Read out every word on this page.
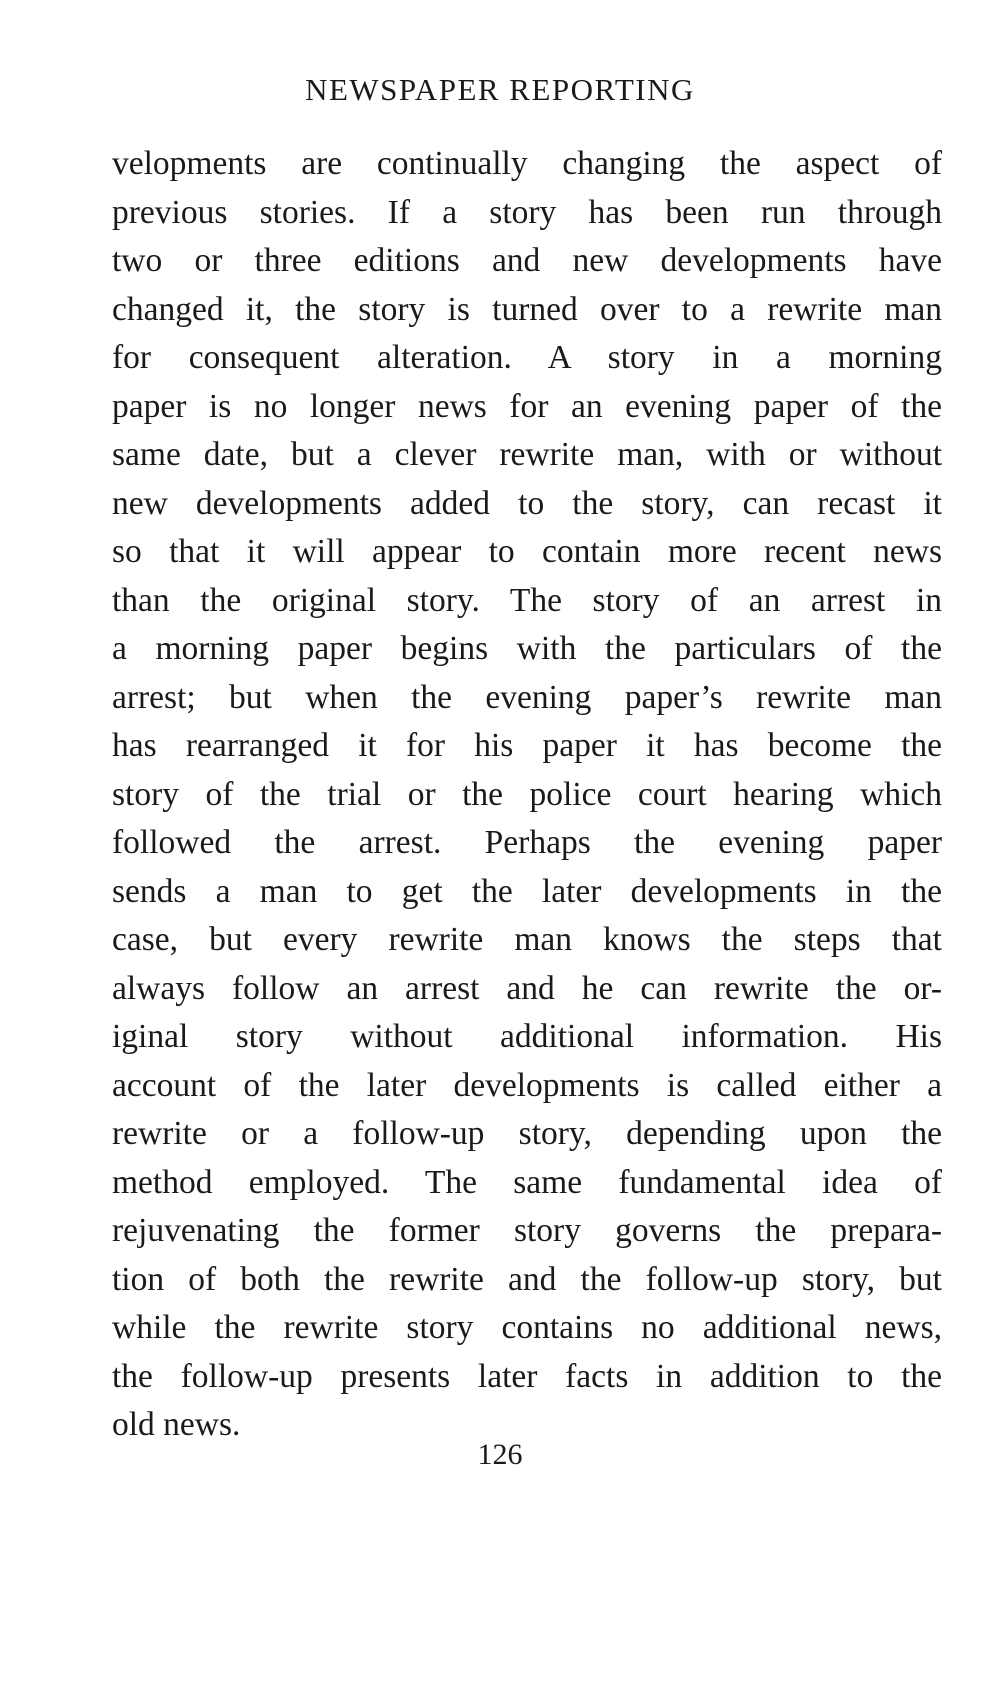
NEWSPAPER REPORTING
velopments are continually changing the aspect of
previous stories. If a story has been run through
two or three editions and new developments have
changed it, the story is turned over to a rewrite man
for consequent alteration. A story in a morning
paper is no longer news for an evening paper of the
same date, but a clever rewrite man, with or without
new developments added to the story, can recast it
so that it will appear to contain more recent news
than the original story. The story of an arrest in
a morning paper begins with the particulars of the
arrest; but when the evening paper’s rewrite man
has rearranged it for his paper it has become the
story of the trial or the police court hearing which
followed the arrest. Perhaps the evening paper
sends a man to get the later developments in the
case, but every rewrite man knows the steps that
always follow an arrest and he can rewrite the or-
iginal story without additional information. His
account of the later developments is called either a
rewrite or a follow-up story, depending upon the
method employed. The same fundamental idea of
rejuvenating the former story governs the prepara-
tion of both the rewrite and the follow-up story, but
while the rewrite story contains no additional news,
the follow-up presents later facts in addition to the
old news.
126
